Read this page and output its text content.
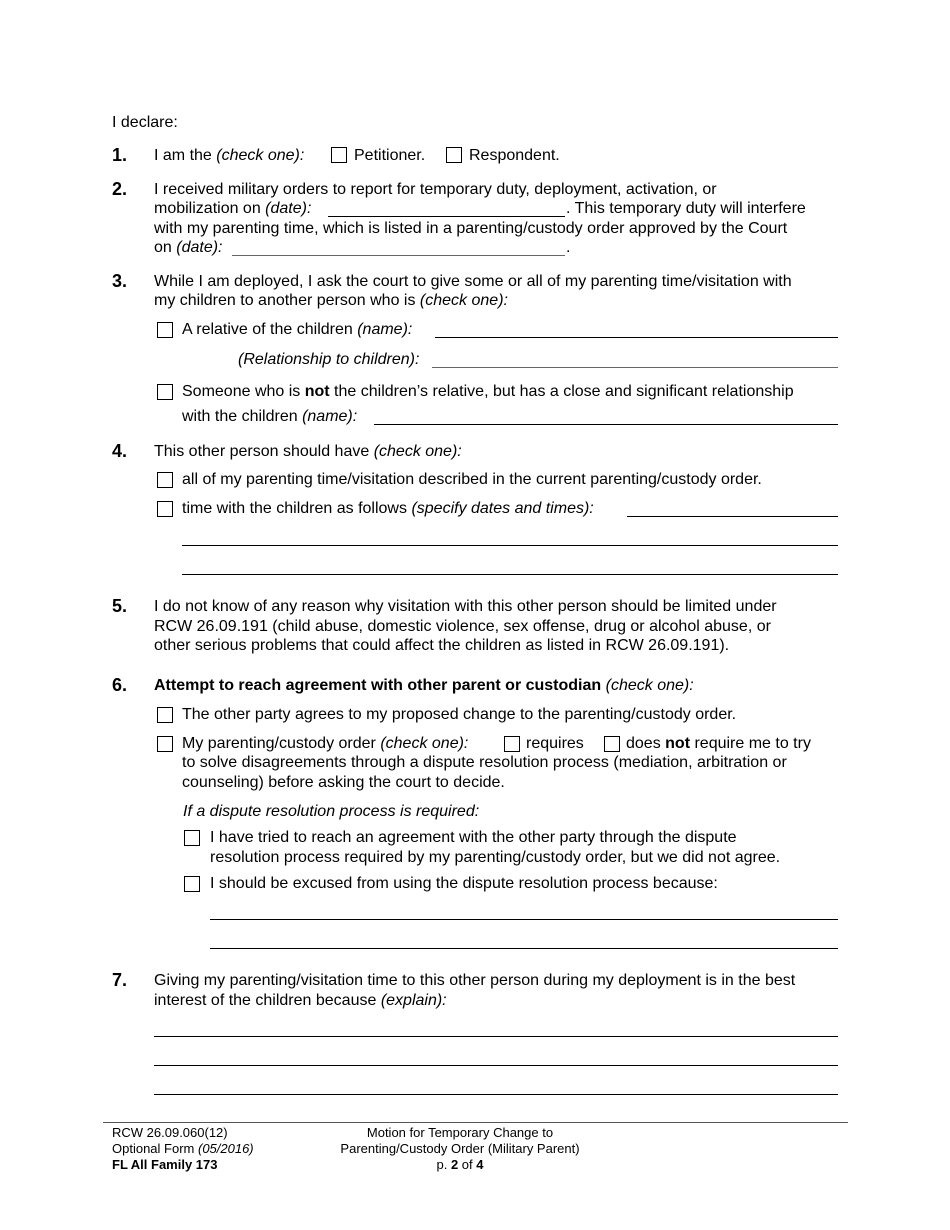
I declare:
1. I am the (check one):	Petitioner.	Respondent.
2. I received military orders to report for temporary duty, deployment, activation, or
mobilization on (date):	. This temporary duty will interfere
with my parenting time, which is listed in a parenting/custody order approved by the Court
on (date):	.
3. While I am deployed, I ask the court to give some or all of my parenting time/visitation with
my children to another person who is (check one):
A relative of the children (name):
(Relationship to children):
Someone who is not the children’s relative, but has a close and significant relationship
with the children (name):
4. This other person should have (check one):
all of my parenting time/visitation described in the current parenting/custody order.
time with the children as follows (specify dates and times):
5. I do not know of any reason why visitation with this other person should be limited under
RCW 26.09.191 (child abuse, domestic violence, sex offense, drug or alcohol abuse, or
other serious problems that could affect the children as listed in RCW 26.09.191).
6. Attempt to reach agreement with other parent or custodian (check one):
The other party agrees to my proposed change to the parenting/custody order.
My parenting/custody order (check one):	requires	does not require me to try
to solve disagreements through a dispute resolution process (mediation, arbitration or
counseling) before asking the court to decide.
If a dispute resolution process is required:
I have tried to reach an agreement with the other party through the dispute
resolution process required by my parenting/custody order, but we did not agree.
I should be excused from using the dispute resolution process because:
7. Giving my parenting/visitation time to this other person during my deployment is in the best
interest of the children because (explain):
RCW 26.09.060(12)
Optional Form (05/2016)
FL All Family 173
Motion for Temporary Change to
Parenting/Custody Order (Military Parent)
p. 2 of 4
